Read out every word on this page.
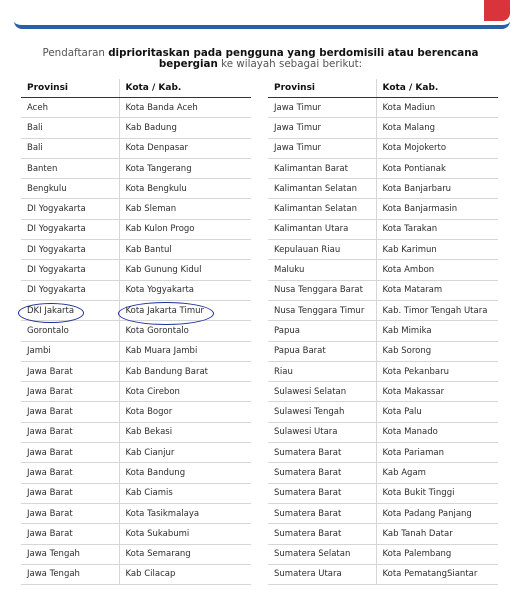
Pendaftaran diprioritaskan pada pengguna yang berdomisili atau berencana bepergian ke wilayah sebagai berikut:
Provinsi	Kota / Kab.
Aceh	Kota Banda Aceh
Bali	Kab Badung
Bali	Kota Denpasar
Banten	Kota Tangerang
Bengkulu	Kota Bengkulu
DI Yogyakarta	Kab Sleman
DI Yogyakarta	Kab Kulon Progo
DI Yogyakarta	Kab Bantul
DI Yogyakarta	Kab Gunung Kidul
DI Yogyakarta	Kota Yogyakarta
DKI Jakarta	Kota Jakarta Timur
Gorontalo	Kota Gorontalo
Jambi	Kab Muara Jambi
Jawa Barat	Kab Bandung Barat
Jawa Barat	Kota Cirebon
Jawa Barat	Kota Bogor
Jawa Barat	Kab Bekasi
Jawa Barat	Kab Cianjur
Jawa Barat	Kota Bandung
Jawa Barat	Kab Ciamis
Jawa Barat	Kota Tasikmalaya
Jawa Barat	Kota Sukabumi
Jawa Tengah	Kota Semarang
Jawa Tengah	Kab Cilacap
Provinsi	Kota / Kab.
Jawa Timur	Kota Madiun
Jawa Timur	Kota Malang
Jawa Timur	Kota Mojokerto
Kalimantan Barat	Kota Pontianak
Kalimantan Selatan	Kota Banjarbaru
Kalimantan Selatan	Kota Banjarmasin
Kalimantan Utara	Kota Tarakan
Kepulauan Riau	Kab Karimun
Maluku	Kota Ambon
Nusa Tenggara Barat	Kota Mataram
Nusa Tenggara Timur	Kab. Timor Tengah Utara
Papua	Kab Mimika
Papua Barat	Kab Sorong
Riau	Kota Pekanbaru
Sulawesi Selatan	Kota Makassar
Sulawesi Tengah	Kota Palu
Sulawesi Utara	Kota Manado
Sumatera Barat	Kota Pariaman
Sumatera Barat	Kab Agam
Sumatera Barat	Kota Bukit Tinggi
Sumatera Barat	Kota Padang Panjang
Sumatera Barat	Kab Tanah Datar
Sumatera Selatan	Kota Palembang
Sumatera Utara	Kota PematangSiantar
